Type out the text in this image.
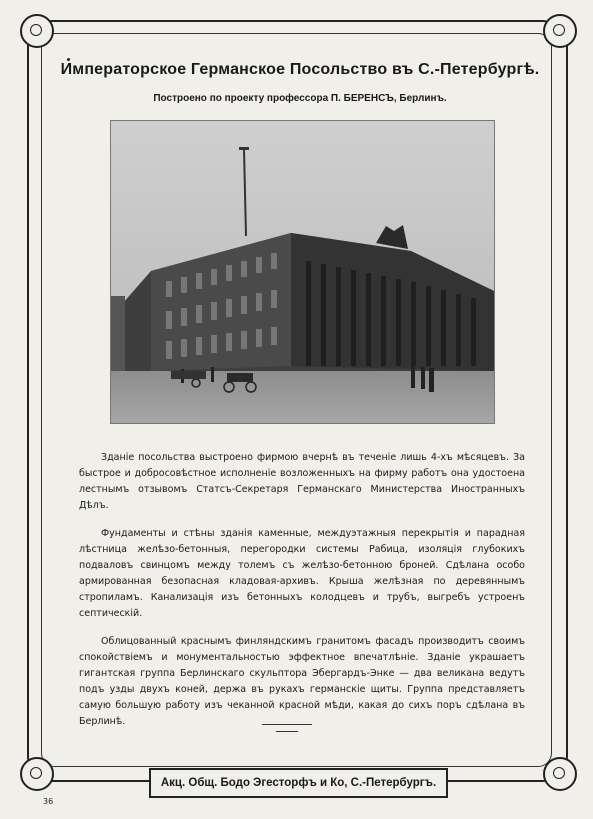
Императорское Германское Посольство въ С.-Петербургѣ.
Построено по проекту профессора П. БЕРЕНСЪ, Берлинъ.

Зданіе посольства выстроено фирмою вчернѣ въ теченіе лишь 4-хъ мѣсяцевъ. За быстрое и добросовѣстное исполненіе возложенныхъ на фирму работъ она удостоена лестнымъ отзывомъ Статсъ-Секретаря Германскаго Министерства Иностранныхъ Дѣлъ.

Фундаменты и стѣны зданія каменные, междуэтажныя перекрытія и парадная лѣстница желѣзо-бетонныя, перегородки системы Рабица, изоляція глубокихъ подваловъ свинцомъ между толемъ съ желѣзо-бетонною броней. Сдѣлана особо армированная безопасная кладовая-архивъ. Крыша желѣзная по деревяннымъ стропиламъ. Канализація изъ бетонныхъ колодцевъ и трубъ, выгребъ устроенъ септическій.

Облицованный краснымъ финляндскимъ гранитомъ фасадъ производитъ своимъ спокойствіемъ и монументальностью эффектное впечатлѣніе. Зданіе украшаетъ гигантская группа Берлинскаго скульптора Эбергардъ-Энке — два великана ведутъ подъ узды двухъ коней, держа въ рукахъ германскіе щиты. Группа представляетъ самую большую работу изъ чеканной красной мѣди, какая до сихъ поръ сдѣлана въ Берлинѣ.

Акц. Общ. Бодо Эгесторфъ и Ко, С.-Петербургъ.
36
